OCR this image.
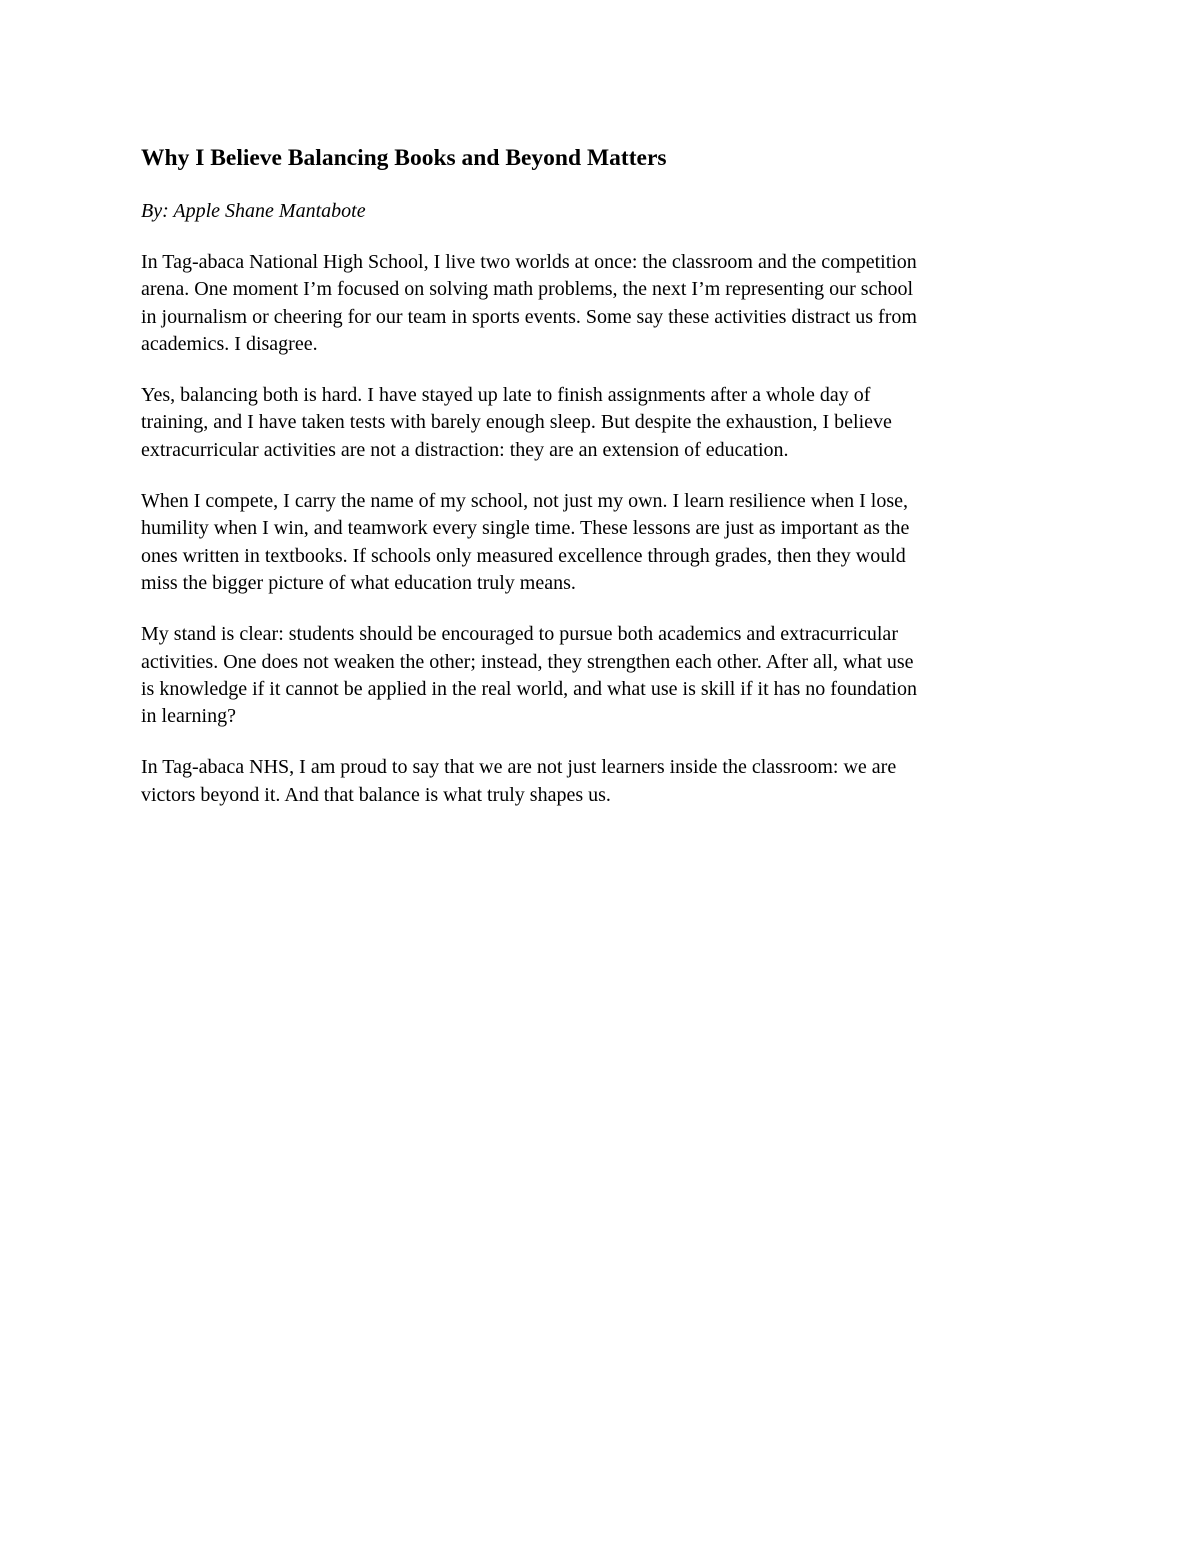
Why I Believe Balancing Books and Beyond Matters

By: Apple Shane Mantabote

In Tag-abaca National High School, I live two worlds at once: the classroom and the competition
arena. One moment I’m focused on solving math problems, the next I’m representing our school
in journalism or cheering for our team in sports events. Some say these activities distract us from
academics. I disagree.

Yes, balancing both is hard. I have stayed up late to finish assignments after a whole day of
training, and I have taken tests with barely enough sleep. But despite the exhaustion, I believe
extracurricular activities are not a distraction: they are an extension of education.

When I compete, I carry the name of my school, not just my own. I learn resilience when I lose,
humility when I win, and teamwork every single time. These lessons are just as important as the
ones written in textbooks. If schools only measured excellence through grades, then they would
miss the bigger picture of what education truly means.

My stand is clear: students should be encouraged to pursue both academics and extracurricular
activities. One does not weaken the other; instead, they strengthen each other. After all, what use
is knowledge if it cannot be applied in the real world, and what use is skill if it has no foundation
in learning?

In Tag-abaca NHS, I am proud to say that we are not just learners inside the classroom: we are
victors beyond it. And that balance is what truly shapes us.
